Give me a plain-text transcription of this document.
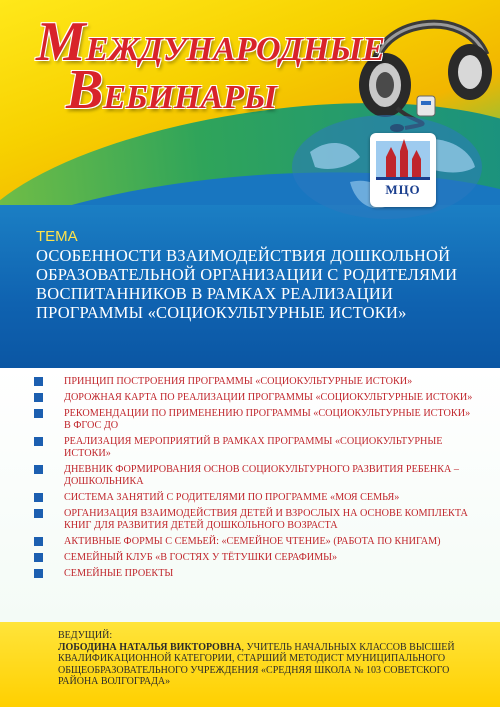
МЦО
МЕЖДУНАРОДНЫЕ
ВЕБИНАРЫ
ТЕМА
ОСОБЕННОСТИ ВЗАИМОДЕЙСТВИЯ ДОШКОЛЬНОЙ ОБРАЗОВАТЕЛЬНОЙ ОРГАНИЗАЦИИ С РОДИТЕЛЯМИ ВОСПИТАННИКОВ В РАМКАХ РЕАЛИЗАЦИИ ПРОГРАММЫ «СОЦИОКУЛЬТУРНЫЕ ИСТОКИ»
ПРИНЦИП ПОСТРОЕНИЯ ПРОГРАММЫ «СОЦИОКУЛЬТУРНЫЕ ИСТОКИ»
ДОРОЖНАЯ КАРТА ПО РЕАЛИЗАЦИИ ПРОГРАММЫ «СОЦИОКУЛЬТУРНЫЕ ИСТОКИ»
РЕКОМЕНДАЦИИ ПО ПРИМЕНЕНИЮ ПРОГРАММЫ «СОЦИОКУЛЬТУРНЫЕ ИСТОКИ» В ФГОС ДО
РЕАЛИЗАЦИЯ МЕРОПРИЯТИЙ В РАМКАХ ПРОГРАММЫ «СОЦИОКУЛЬТУРНЫЕ ИСТОКИ»
ДНЕВНИК ФОРМИРОВАНИЯ ОСНОВ СОЦИОКУЛЬТУРНОГО РАЗВИТИЯ РЕБЕНКА – ДОШКОЛЬНИКА
СИСТЕМА ЗАНЯТИЙ С РОДИТЕЛЯМИ ПО ПРОГРАММЕ «МОЯ СЕМЬЯ»
ОРГАНИЗАЦИЯ ВЗАИМОДЕЙСТВИЯ ДЕТЕЙ И ВЗРОСЛЫХ НА ОСНОВЕ КОМПЛЕКТА КНИГ ДЛЯ РАЗВИТИЯ ДЕТЕЙ ДОШКОЛЬНОГО ВОЗРАСТА
АКТИВНЫЕ ФОРМЫ С СЕМЬЕЙ: «СЕМЕЙНОЕ ЧТЕНИЕ» (РАБОТА ПО КНИГАМ)
СЕМЕЙНЫЙ КЛУБ «В ГОСТЯХ У ТЁТУШКИ СЕРАФИМЫ»
СЕМЕЙНЫЕ ПРОЕКТЫ
ВЕДУЩИЙ:
ЛОБОДИНА НАТАЛЬЯ ВИКТОРОВНА, УЧИТЕЛЬ НАЧАЛЬНЫХ КЛАССОВ ВЫСШЕЙ КВАЛИФИКАЦИОННОЙ КАТЕГОРИИ, СТАРШИЙ МЕТОДИСТ МУНИЦИПАЛЬНОГО ОБЩЕОБРАЗОВАТЕЛЬНОГО УЧРЕЖДЕНИЯ «СРЕДНЯЯ ШКОЛА № 103 СОВЕТСКОГО РАЙОНА ВОЛГОГРАДА»
